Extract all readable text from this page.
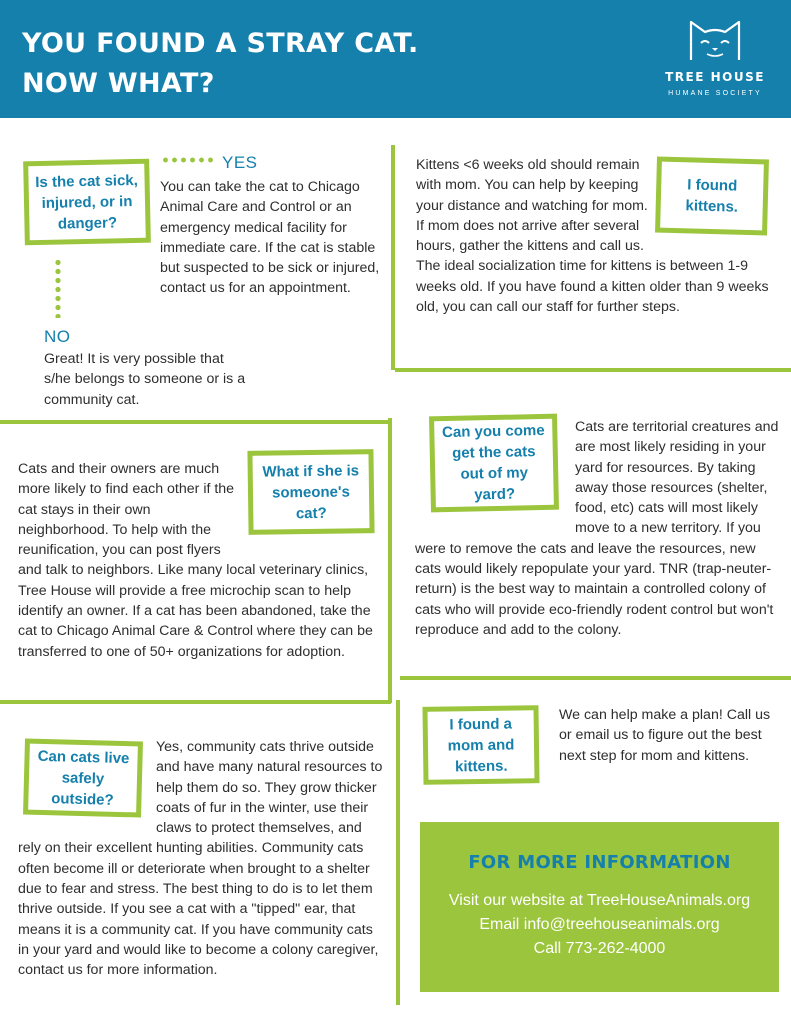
YOU FOUND A STRAY CAT.
NOW WHAT?	TREE HOUSE
HUMANE SOCIETY
Is the cat sick, injured, or in danger?
YES
You can take the cat to Chicago Animal Care and Control or an emergency medical facility for immediate care. If the cat is stable but suspected to be sick or injured, contact us for an appointment.
NO
Great! It is very possible that s/he belongs to someone or is a community cat.
I found kittens.
Kittens <6 weeks old should remain with mom. You can help by keeping your distance and watching for mom. If mom does not arrive after several hours, gather the kittens and call us. The ideal socialization time for kittens is between 1-9 weeks old. If you have found a kitten older than 9 weeks old, you can call our staff for further steps.
What if she is someone's cat?
Cats and their owners are much more likely to find each other if the cat stays in their own neighborhood. To help with the reunification, you can post flyers and talk to neighbors. Like many local veterinary clinics, Tree House will provide a free microchip scan to help identify an owner. If a cat has been abandoned, take the cat to Chicago Animal Care & Control where they can be transferred to one of 50+ organizations for adoption.
Can you come get the cats out of my yard?
Cats are territorial creatures and are most likely residing in your yard for resources. By taking away those resources (shelter, food, etc) cats will most likely move to a new territory. If you were to remove the cats and leave the resources, new cats would likely repopulate your yard. TNR (trap-neuter-return) is the best way to maintain a controlled colony of cats who will provide eco-friendly rodent control but won't reproduce and add to the colony.
Can cats live safely outside?
Yes, community cats thrive outside and have many natural resources to help them do so. They grow thicker coats of fur in the winter, use their claws to protect themselves, and rely on their excellent hunting abilities. Community cats often become ill or deteriorate when brought to a shelter due to fear and stress. The best thing to do is to let them thrive outside. If you see a cat with a "tipped" ear, that means it is a community cat. If you have community cats in your yard and would like to become a colony caregiver, contact us for more information.
I found a mom and kittens.
We can help make a plan! Call us or email us to figure out the best next step for mom and kittens.
FOR MORE INFORMATION
Visit our website at TreeHouseAnimals.org
Email info@treehouseanimals.org
Call 773-262-4000
